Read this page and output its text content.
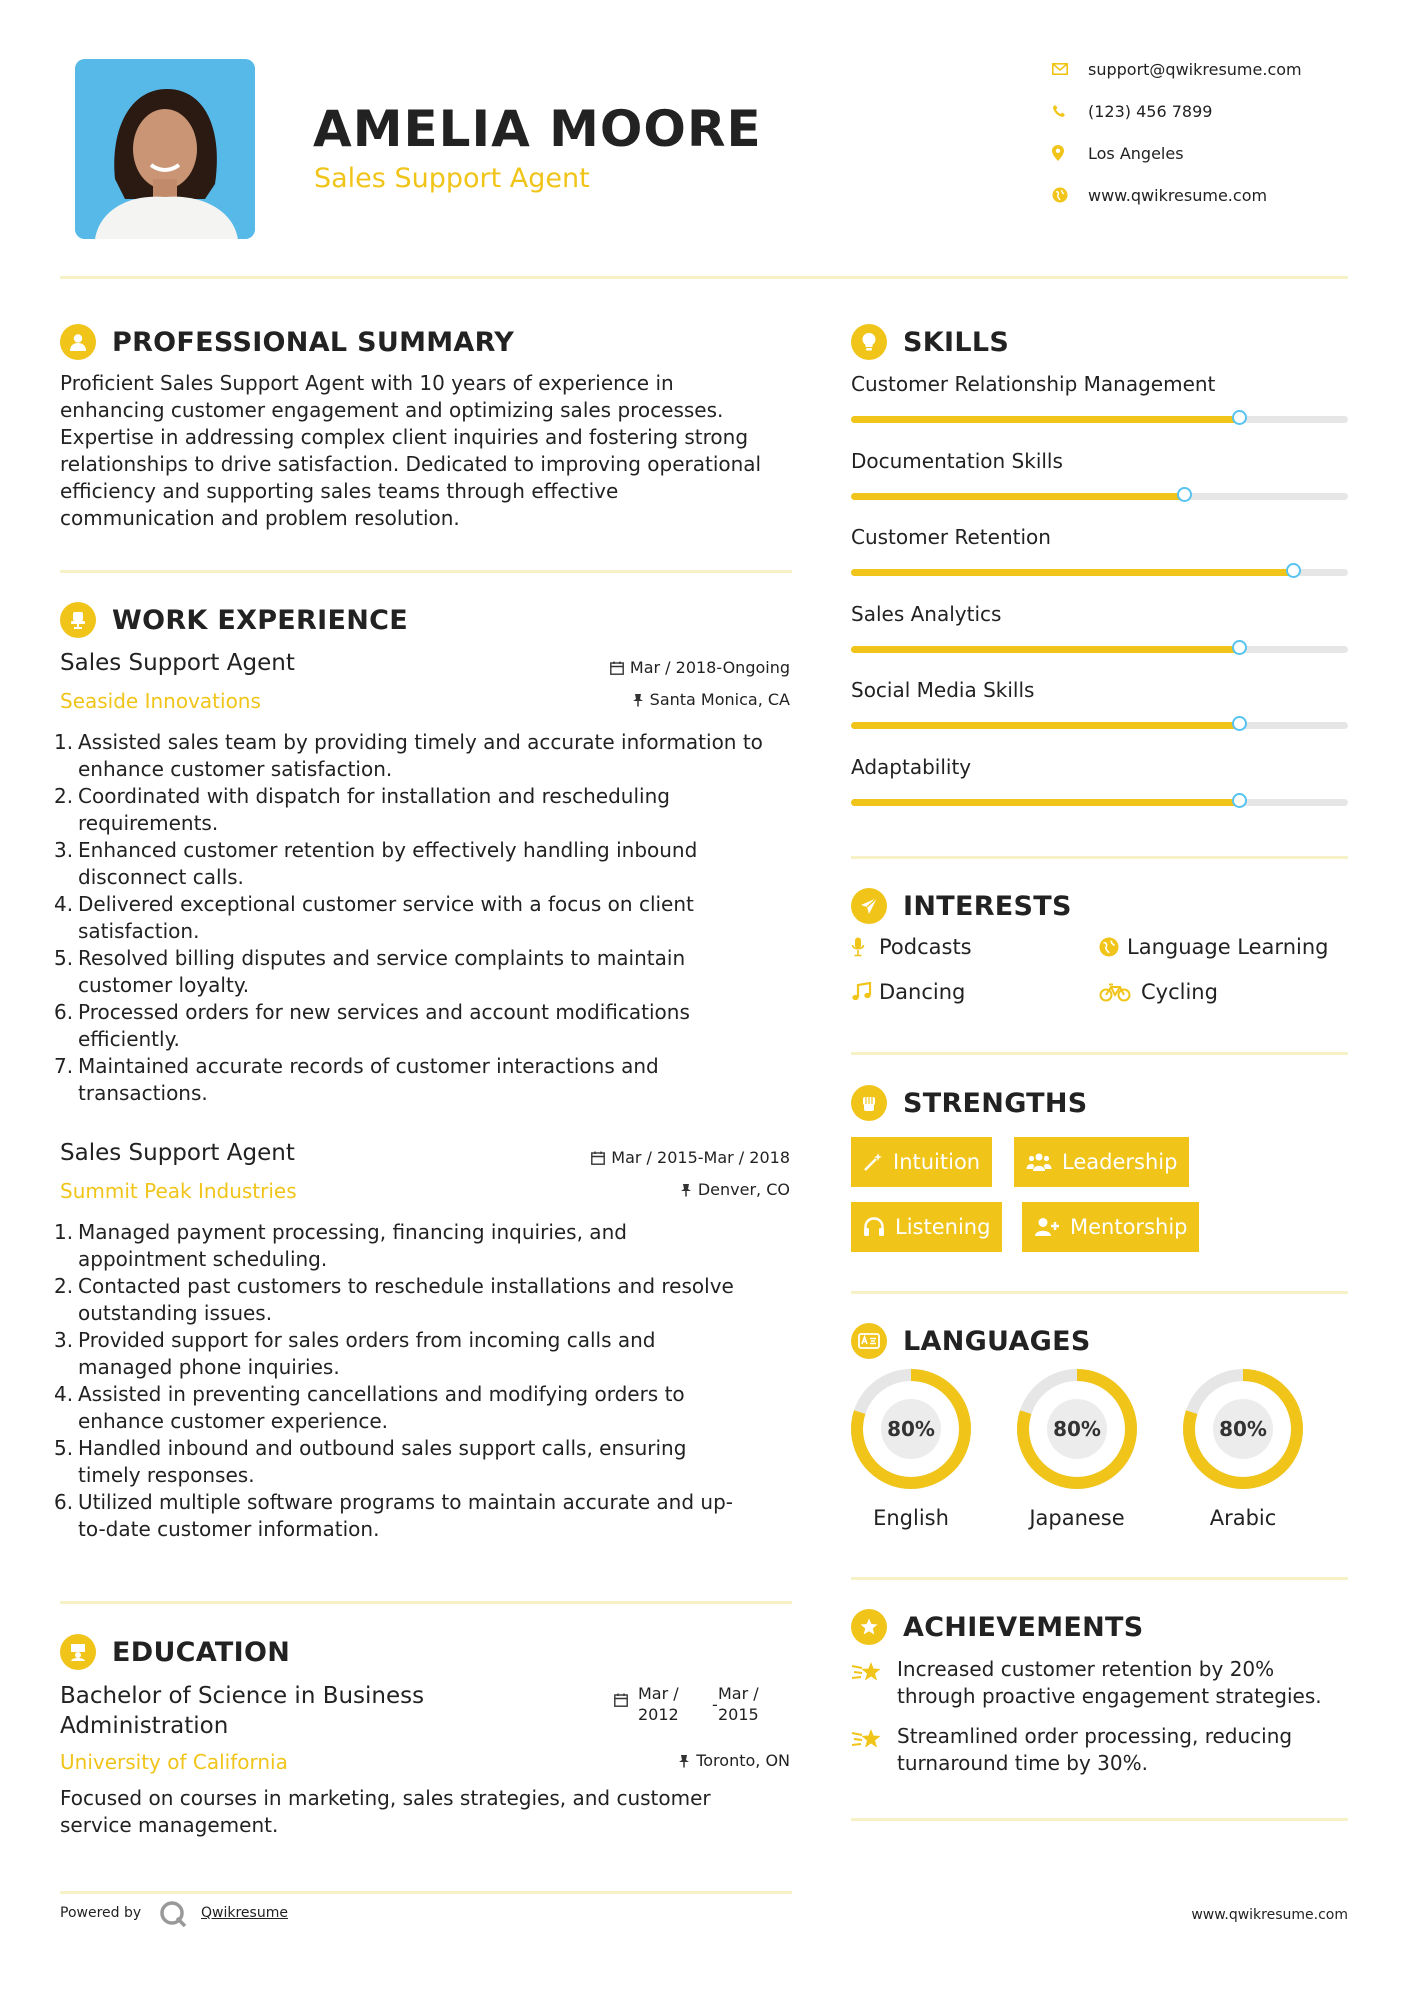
AMELIA MOORE
Sales Support Agent
support@qwikresume.com
(123) 456 7899
Los Angeles
www.qwikresume.com
PROFESSIONAL SUMMARY
Proficient Sales Support Agent with 10 years of experience in
enhancing customer engagement and optimizing sales processes.
Expertise in addressing complex client inquiries and fostering strong
relationships to drive satisfaction. Dedicated to improving operational
efficiency and supporting sales teams through effective
communication and problem resolution.
WORK EXPERIENCE
Sales Support Agent
Seaside Innovations
Mar / 2018-Ongoing
Santa Monica, CA
1. Assisted sales team by providing timely and accurate information to
enhance customer satisfaction.
2. Coordinated with dispatch for installation and rescheduling
requirements.
3. Enhanced customer retention by effectively handling inbound
disconnect calls.
4. Delivered exceptional customer service with a focus on client
satisfaction.
5. Resolved billing disputes and service complaints to maintain
customer loyalty.
6. Processed orders for new services and account modifications
efficiently.
7. Maintained accurate records of customer interactions and
transactions.
Sales Support Agent
Summit Peak Industries
Mar / 2015-Mar / 2018
Denver, CO
1. Managed payment processing, financing inquiries, and
appointment scheduling.
2. Contacted past customers to reschedule installations and resolve
outstanding issues.
3. Provided support for sales orders from incoming calls and
managed phone inquiries.
4. Assisted in preventing cancellations and modifying orders to
enhance customer experience.
5. Handled inbound and outbound sales support calls, ensuring
timely responses.
6. Utilized multiple software programs to maintain accurate and up-
to-date customer information.
EDUCATION
Bachelor of Science in Business
Administration
University of California
Mar /
2012
-
Mar /
2015
Toronto, ON
Focused on courses in marketing, sales strategies, and customer
service management.
Powered by	Qwikresume	www.qwikresume.com
SKILLS
Customer Relationship Management
Documentation Skills
Customer Retention
Sales Analytics
Social Media Skills
Adaptability
INTERESTS
Podcasts	Language Learning
Dancing	Cycling
STRENGTHS
Intuition	Leadership
Listening	Mentorship
LANGUAGES
80%
English
80%
Japanese
80%
Arabic
ACHIEVEMENTS
Increased customer retention by 20%
through proactive engagement strategies.
Streamlined order processing, reducing
turnaround time by 30%.
